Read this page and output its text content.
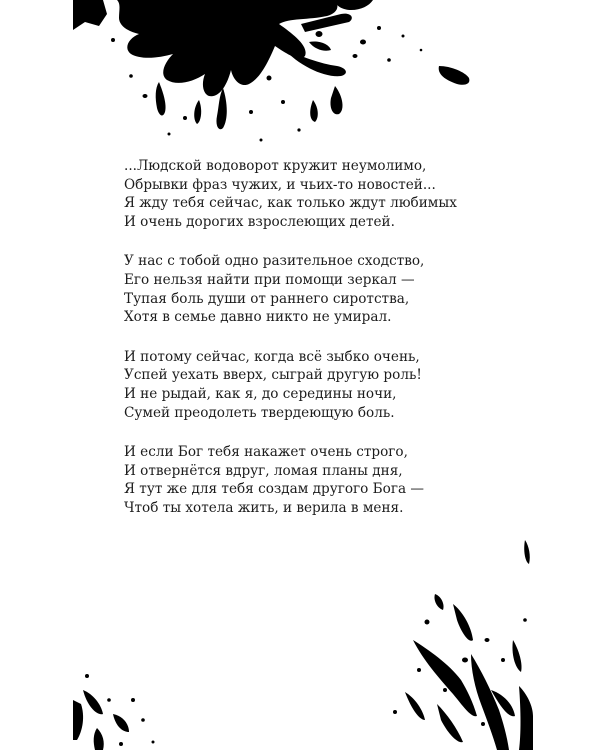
...Людской водоворот кружит неумолимо,
Обрывки фраз чужих, и чьих-то новостей...
Я жду тебя сейчас, как только ждут любимых
И очень дорогих взрослеющих детей.
У нас с тобой одно разительное сходство,
Его нельзя найти при помощи зеркал —
Тупая боль души от раннего сиротства,
Хотя в семье давно никто не умирал.
И потому сейчас, когда всё зыбко очень,
Успей уехать вверх, сыграй другую роль!
И не рыдай, как я, до середины ночи,
Сумей преодолеть твердеющую боль.
И если Бог тебя накажет очень строго,
И отвернётся вдруг, ломая планы дня,
Я тут же для тебя создам другого Бога —
Чтоб ты хотела жить, и верила в меня.
